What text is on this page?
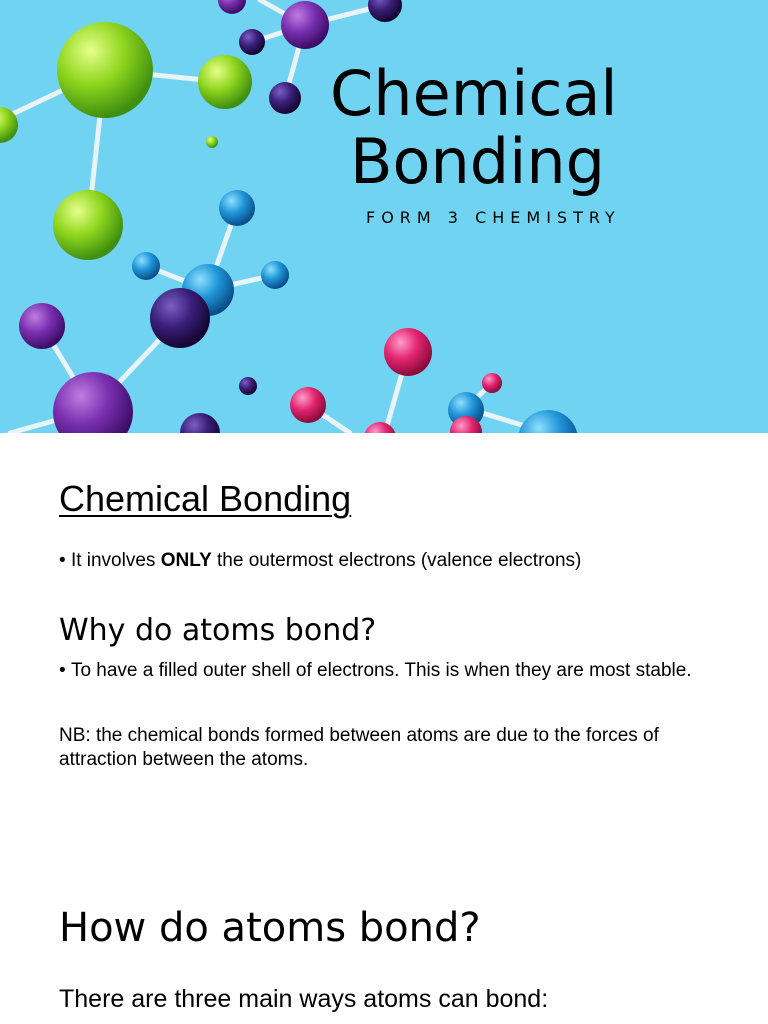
Chemical
Bonding
FORM 3 CHEMISTRY
Chemical Bonding
• It involves ONLY the outermost electrons (valence electrons)
Why do atoms bond?
• To have a filled outer shell of electrons. This is when they are most stable.
NB: the chemical bonds formed between atoms are due to the forces of attraction between the atoms.
How do atoms bond?
There are three main ways atoms can bond:
